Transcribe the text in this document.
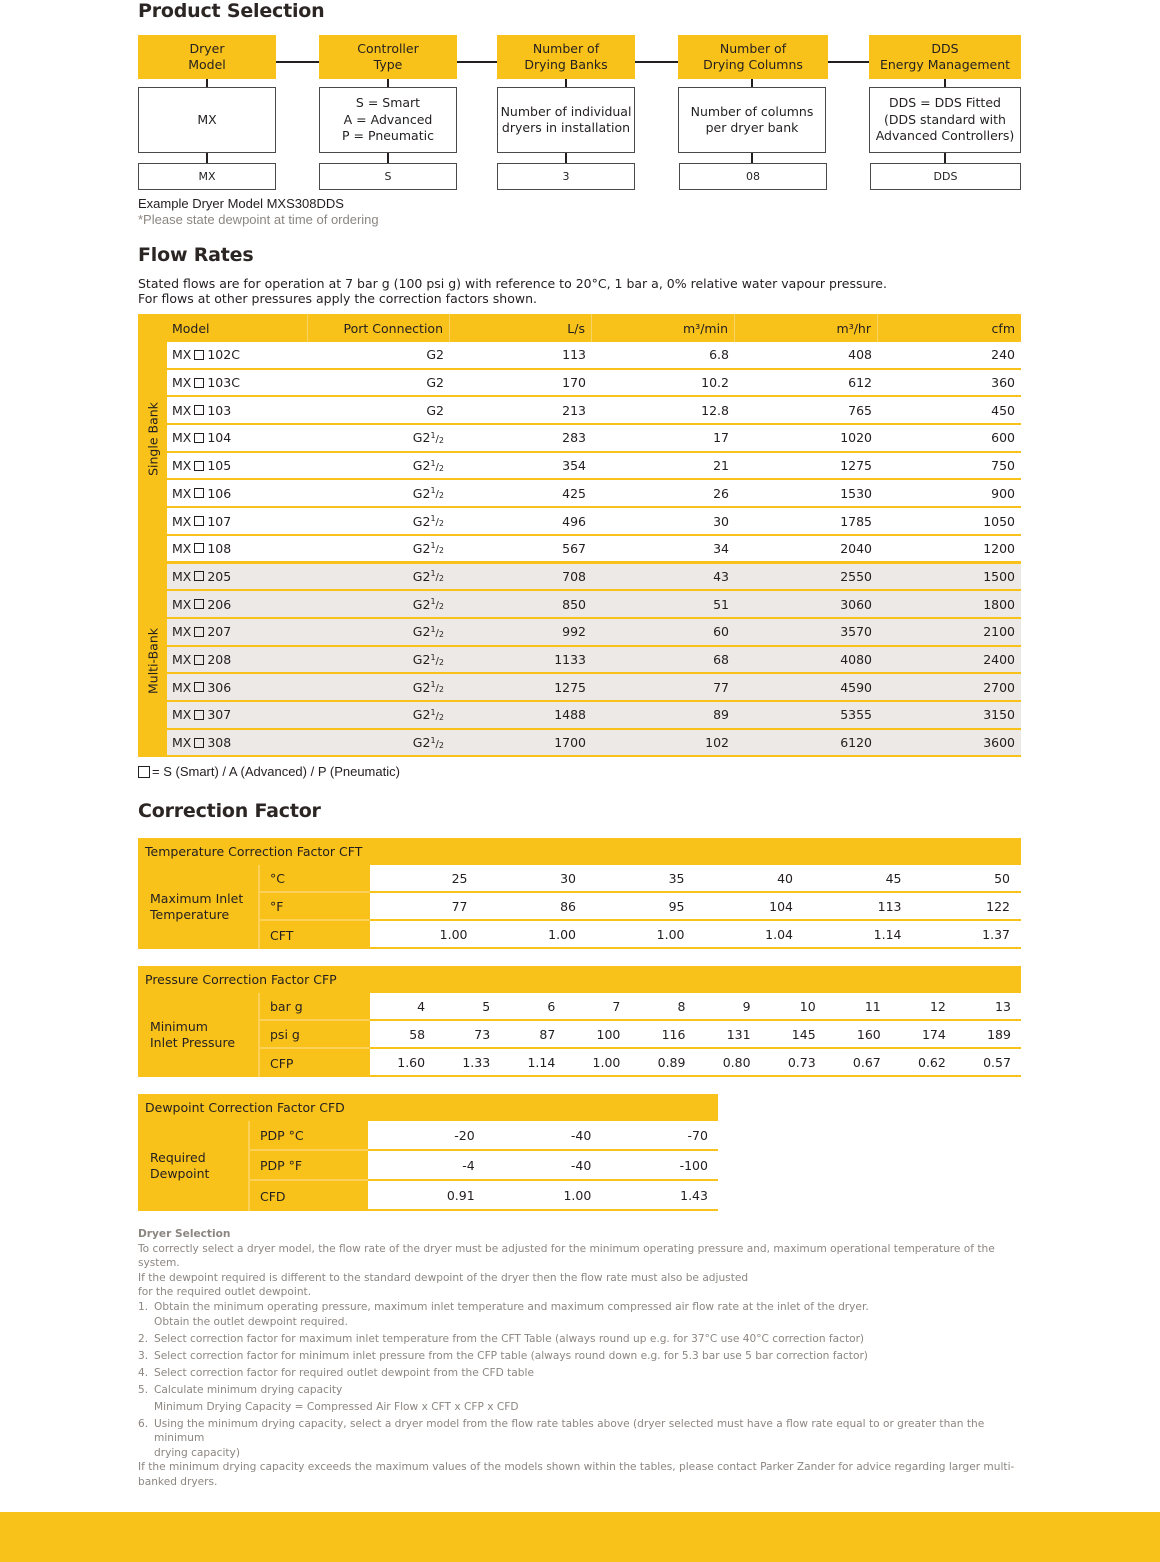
Product Selection
Dryer
Model
MX
MX
Controller
Type
S = Smart
A = Advanced
P = Pneumatic
S
Number of
Drying Banks
Number of individual
dryers in installation
3
Number of
Drying Columns
Number of columns
per dryer bank
08
DDS
Energy Management
DDS = DDS Fitted
(DDS standard with
Advanced Controllers)
DDS
Example Dryer Model MXS308DDS
*Please state dewpoint at time of ordering
Flow Rates
Stated flows are for operation at 7 bar g (100 psi g) with reference to 20°C, 1 bar a, 0% relative water vapour pressure.
For flows at other pressures apply the correction factors shown.
Single Bank
Multi-Bank
Model	Port Connection	L/s	m³/min	m³/hr	cfm
MX 102C	G2	113	6.8	408	240
MX 103C	G2	170	10.2	612	360
MX 103	G2	213	12.8	765	450
MX 104	G2 $^1/_2$	283	17	1020	600
MX 105	G2 $^1/_2$	354	21	1275	750
MX 106	G2 $^1/_2$	425	26	1530	900
MX 107	G2 $^1/_2$	496	30	1785	1050
MX 108	G2 $^1/_2$	567	34	2040	1200
MX 205	G2 $^1/_2$	708	43	2550	1500
MX 206	G2 $^1/_2$	850	51	3060	1800
MX 207	G2 $^1/_2$	992	60	3570	2100
MX 208	G2 $^1/_2$	1133	68	4080	2400
MX 306	G2 $^1/_2$	1275	77	4590	2700
MX 307	G2 $^1/_2$	1488	89	5355	3150
MX 308	G2 $^1/_2$	1700	102	6120	3600
= S (Smart) / A (Advanced) / P (Pneumatic)
Correction Factor
Temperature Correction Factor CFT
Maximum Inlet
Temperature
°C	25	30	35	40	45	50
°F	77	86	95	104	113	122
CFT	1.00	1.00	1.00	1.04	1.14	1.37
Pressure Correction Factor CFP
Minimum
Inlet Pressure
bar g	4	5	6	7	8	9	10	11	12	13
psi g	58	73	87	100	116	131	145	160	174	189
CFP	1.60	1.33	1.14	1.00	0.89	0.80	0.73	0.67	0.62	0.57
Dewpoint Correction Factor CFD
Required
Dewpoint
PDP °C	-20	-40	-70
PDP °F	-4	-40	-100
CFD	0.91	1.00	1.43
Dryer Selection
To correctly select a dryer model, the flow rate of the dryer must be adjusted for the minimum operating pressure and, maximum operational temperature of the system.
If the dewpoint required is different to the standard dewpoint of the dryer then the flow rate must also be adjusted
for the required outlet dewpoint.
1. Obtain the minimum operating pressure, maximum inlet temperature and maximum compressed air flow rate at the inlet of the dryer.
Obtain the outlet dewpoint required.
2. Select correction factor for maximum inlet temperature from the CFT Table (always round up e.g. for 37°C use 40°C correction factor)
3. Select correction factor for minimum inlet pressure from the CFP table (always round down e.g. for 5.3 bar use 5 bar correction factor)
4. Select correction factor for required outlet dewpoint from the CFD table
5. Calculate minimum drying capacity
Minimum Drying Capacity = Compressed Air Flow x CFT x CFP x CFD
6. Using the minimum drying capacity, select a dryer model from the flow rate tables above (dryer selected must have a flow rate equal to or greater than the minimum
drying capacity)
If the minimum drying capacity exceeds the maximum values of the models shown within the tables, please contact Parker Zander for advice regarding larger multi-
banked dryers.
